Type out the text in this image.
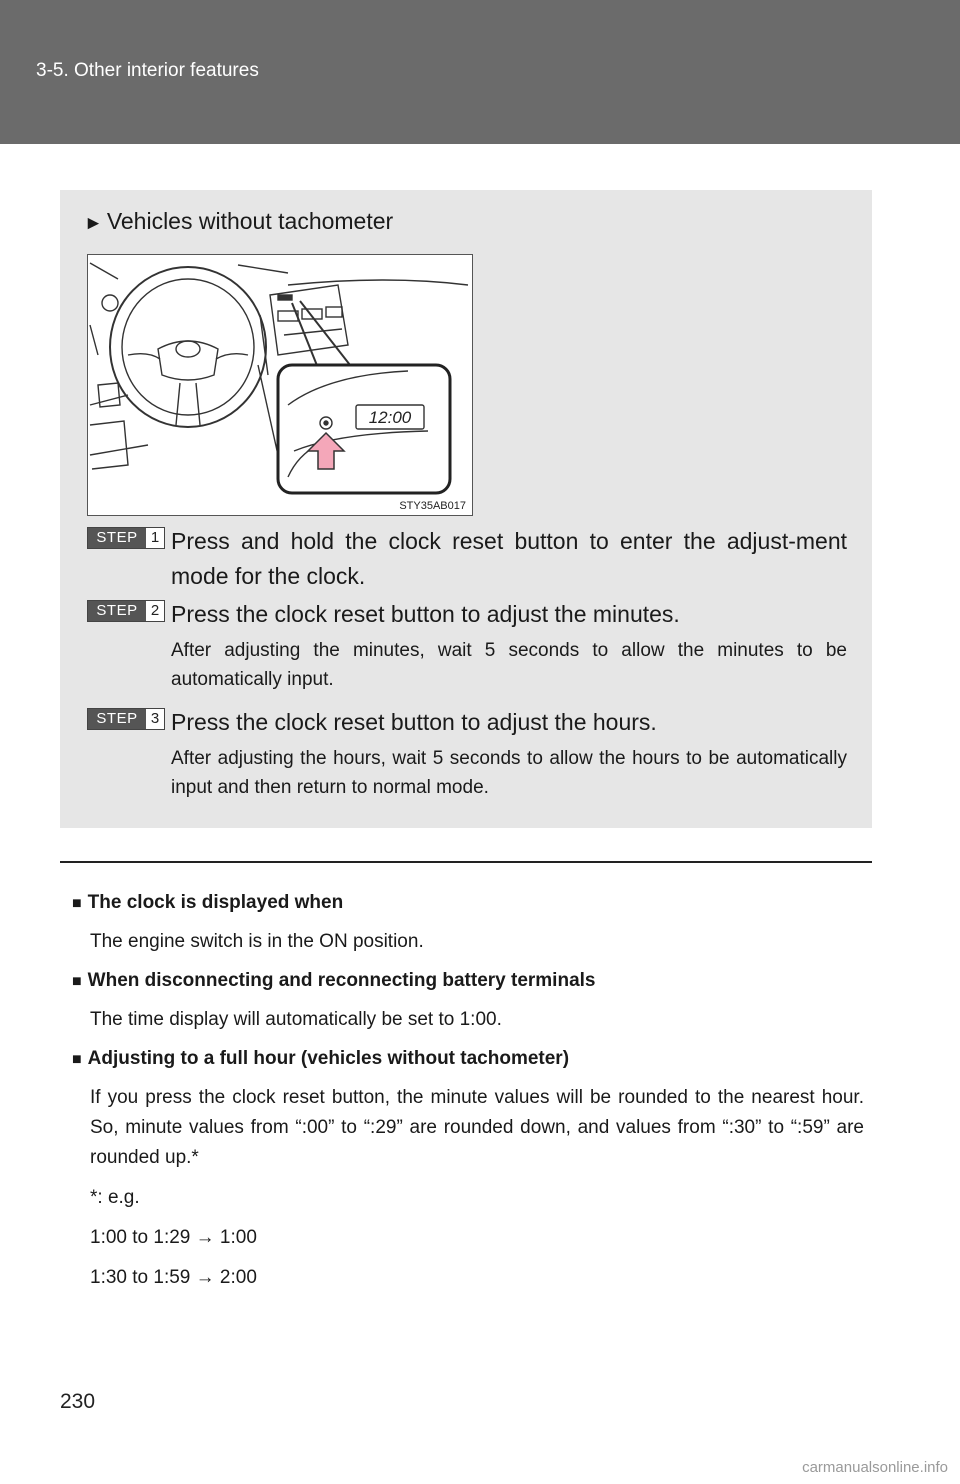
3-5. Other interior features
► Vehicles without tachometer
12:00
STY35AB017
STEP 1 Press and hold the clock reset button to enter the adjust-ment mode for the clock.
STEP 2 Press the clock reset button to adjust the minutes.
After adjusting the minutes, wait 5 seconds to allow the minutes to be automatically input.
STEP 3 Press the clock reset button to adjust the hours.
After adjusting the hours, wait 5 seconds to allow the hours to be automatically input and then return to normal mode.
■ The clock is displayed when
The engine switch is in the ON position.
■ When disconnecting and reconnecting battery terminals
The time display will automatically be set to 1:00.
■ Adjusting to a full hour (vehicles without tachometer)
If you press the clock reset button, the minute values will be rounded to the nearest hour. So, minute values from “:00” to “:29” are rounded down, and values from “:30” to “:59” are rounded up.*
*: e.g.
1:00 to 1:29 → 1:00
1:30 to 1:59 → 2:00
230
carmanualsonline.info
